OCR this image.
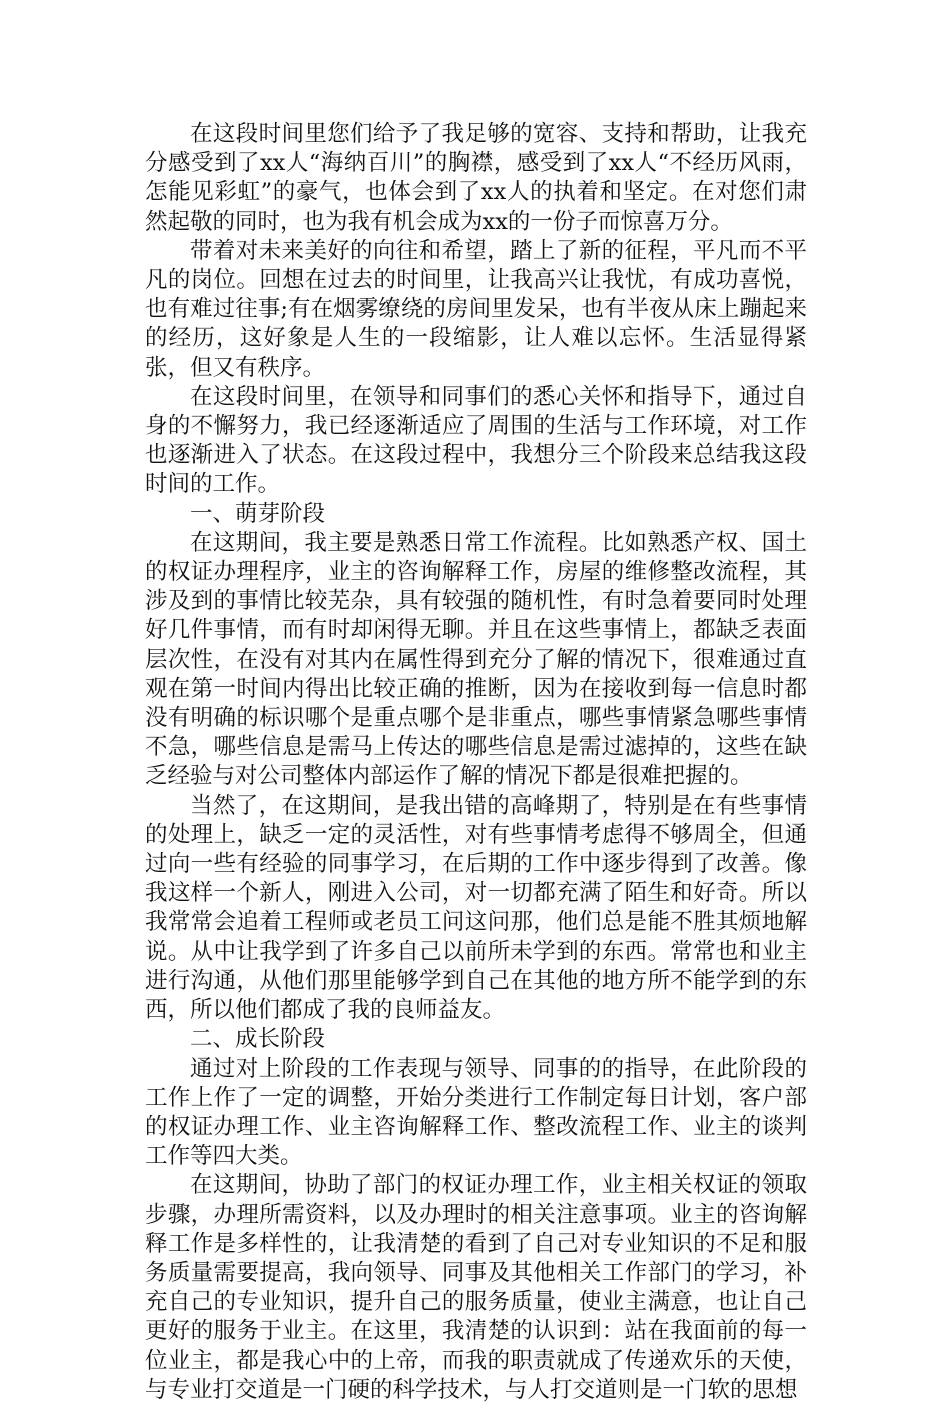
在这段时间里您们给予了我足够的宽容、支持和帮助，让我充分感受到了xx人“海纳百川”的胸襟，感受到了xx人“不经历风雨，怎能见彩虹”的豪气，也体会到了xx人的执着和坚定。在对您们肃然起敬的同时，也为我有机会成为xx的一份子而惊喜万分。

带着对未来美好的向往和希望，踏上了新的征程，平凡而不平凡的岗位。回想在过去的时间里，让我高兴让我忧，有成功喜悦，也有难过往事;有在烟雾缭绕的房间里发呆，也有半夜从床上蹦起来的经历，这好象是人生的一段缩影，让人难以忘怀。生活显得紧张，但又有秩序。

在这段时间里，在领导和同事们的悉心关怀和指导下，通过自身的不懈努力，我已经逐渐适应了周围的生活与工作环境，对工作也逐渐进入了状态。在这段过程中，我想分三个阶段来总结我这段时间的工作。

一、萌芽阶段

在这期间，我主要是熟悉日常工作流程。比如熟悉产权、国土的权证办理程序，业主的咨询解释工作，房屋的维修整改流程，其涉及到的事情比较芜杂，具有较强的随机性，有时急着要同时处理好几件事情，而有时却闲得无聊。并且在这些事情上，都缺乏表面层次性，在没有对其内在属性得到充分了解的情况下，很难通过直观在第一时间内得出比较正确的推断，因为在接收到每一信息时都没有明确的标识哪个是重点哪个是非重点，哪些事情紧急哪些事情不急，哪些信息是需马上传达的哪些信息是需过滤掉的，这些在缺乏经验与对公司整体内部运作了解的情况下都是很难把握的。

当然了，在这期间，是我出错的高峰期了，特别是在有些事情的处理上，缺乏一定的灵活性，对有些事情考虑得不够周全，但通过向一些有经验的同事学习，在后期的工作中逐步得到了改善。像我这样一个新人，刚进入公司，对一切都充满了陌生和好奇。所以我常常会追着工程师或老员工问这问那，他们总是能不胜其烦地解说。从中让我学到了许多自己以前所未学到的东西。常常也和业主进行沟通，从他们那里能够学到自己在其他的地方所不能学到的东西，所以他们都成了我的良师益友。

二、成长阶段

通过对上阶段的工作表现与领导、同事的的指导，在此阶段的工作上作了一定的调整，开始分类进行工作制定每日计划，客户部的权证办理工作、业主咨询解释工作、整改流程工作、业主的谈判工作等四大类。

在这期间，协助了部门的权证办理工作，业主相关权证的领取步骤，办理所需资料，以及办理时的相关注意事项。业主的咨询解释工作是多样性的，让我清楚的看到了自己对专业知识的不足和服务质量需要提高，我向领导、同事及其他相关工作部门的学习，补充自己的专业知识，提升自己的服务质量，使业主满意，也让自己更好的服务于业主。在这里，我清楚的认识到：站在我面前的每一位业主，都是我心中的上帝，而我的职责就成了传递欢乐的天使，与专业打交道是一门硬的科学技术，与人打交道则是一门软的思想
